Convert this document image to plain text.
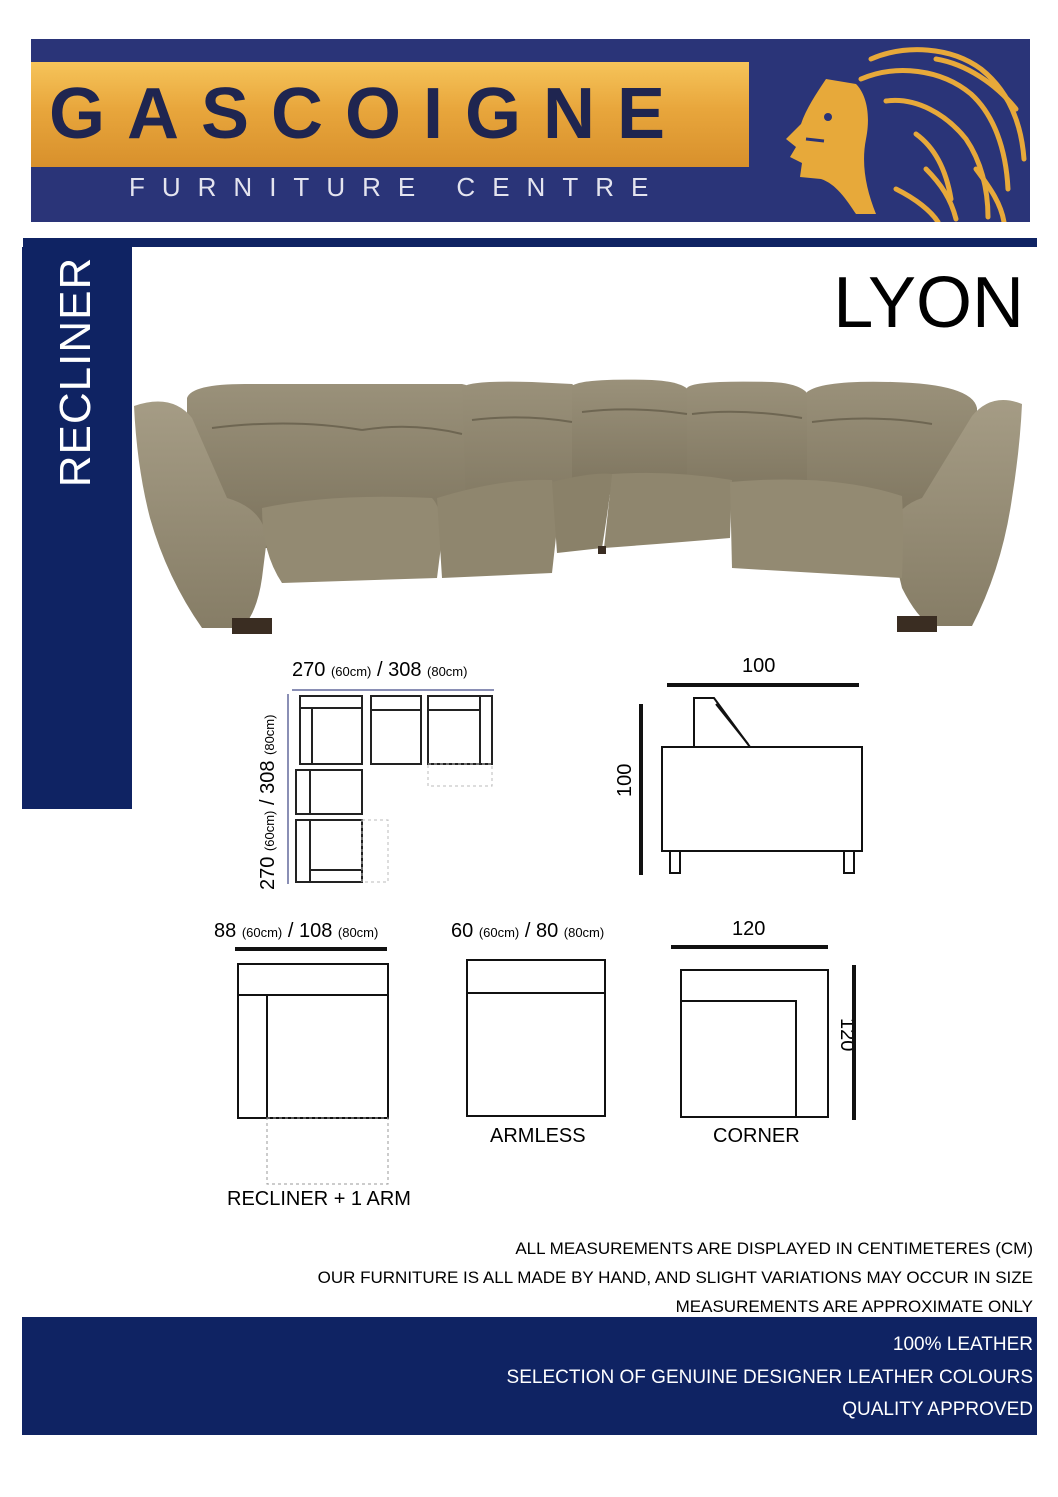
GASCOIGNE
FURNITURE CENTRE
RECLINER	LYON
270 (60cm) / 308 (80cm)
270 (60cm) / 308 (80cm)
100
100
88 (60cm) / 108 (80cm)
RECLINER + 1 ARM
60 (60cm) / 80 (80cm)
ARMLESS
120
120
CORNER
ALL MEASUREMENTS ARE DISPLAYED IN CENTIMETERES (CM)
OUR FURNITURE IS ALL MADE BY HAND, AND SLIGHT VARIATIONS MAY OCCUR IN SIZE
MEASUREMENTS ARE APPROXIMATE ONLY
100% LEATHER
SELECTION OF GENUINE DESIGNER LEATHER COLOURS
QUALITY APPROVED
